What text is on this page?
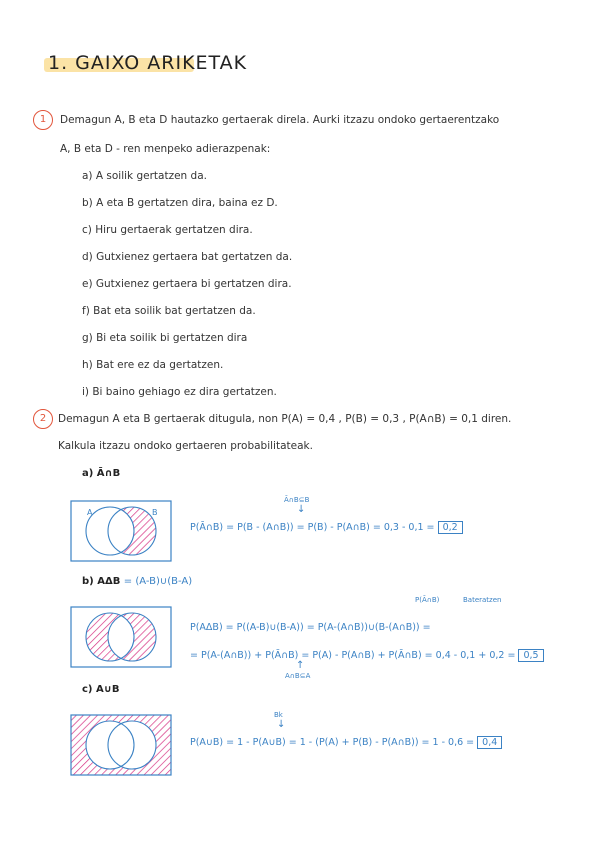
1. GAIXO ARIKETAK
1	Demagun A, B eta D hautazko gertaerak direla. Aurki itzazu ondoko gertaerentzako
A, B eta D - ren menpeko adierazpenak:
a) A soilik gertatzen da.
b) A eta B gertatzen dira, baina ez D.
c) Hiru gertaerak gertatzen dira.
d) Gutxienez gertaera bat gertatzen da.
e) Gutxienez gertaera bi gertatzen dira.
f) Bat eta soilik bat gertatzen da.
g) Bi eta soilik bi gertatzen dira
h) Bat ere ez da gertatzen.
i) Bi baino gehiago ez dira gertatzen.
2	Demagun A eta B gertaerak ditugula, non P(A) = 0,4 , P(B) = 0,3 , P(A∩B) = 0,1 diren.
Kalkula itzazu ondoko gertaeren probabilitateak.
a) Ā∩B
A	B
Ā∩B⊆B
↓
P(Ā∩B) = P(B - (A∩B)) = P(B) - P(A∩B) = 0,3 - 0,1 = 0,2
b) AΔB = (A-B)∪(B-A)
P(Ā∩B)	Bateratzen
P(AΔB) = P((A-B)∪(B-A)) = P(A-(A∩B))∪(B-(A∩B)) =
= P(A-(A∩B)) + P(Ā∩B) = P(A) - P(A∩B) + P(Ā∩B) = 0,4 - 0,1 + 0,2 = 0,5
↑
A∩B⊆A
c) A∪B
Bk
↓
P(A∪B) = 1 - P(A∪B) = 1 - (P(A) + P(B) - P(A∩B)) = 1 - 0,6 = 0,4
